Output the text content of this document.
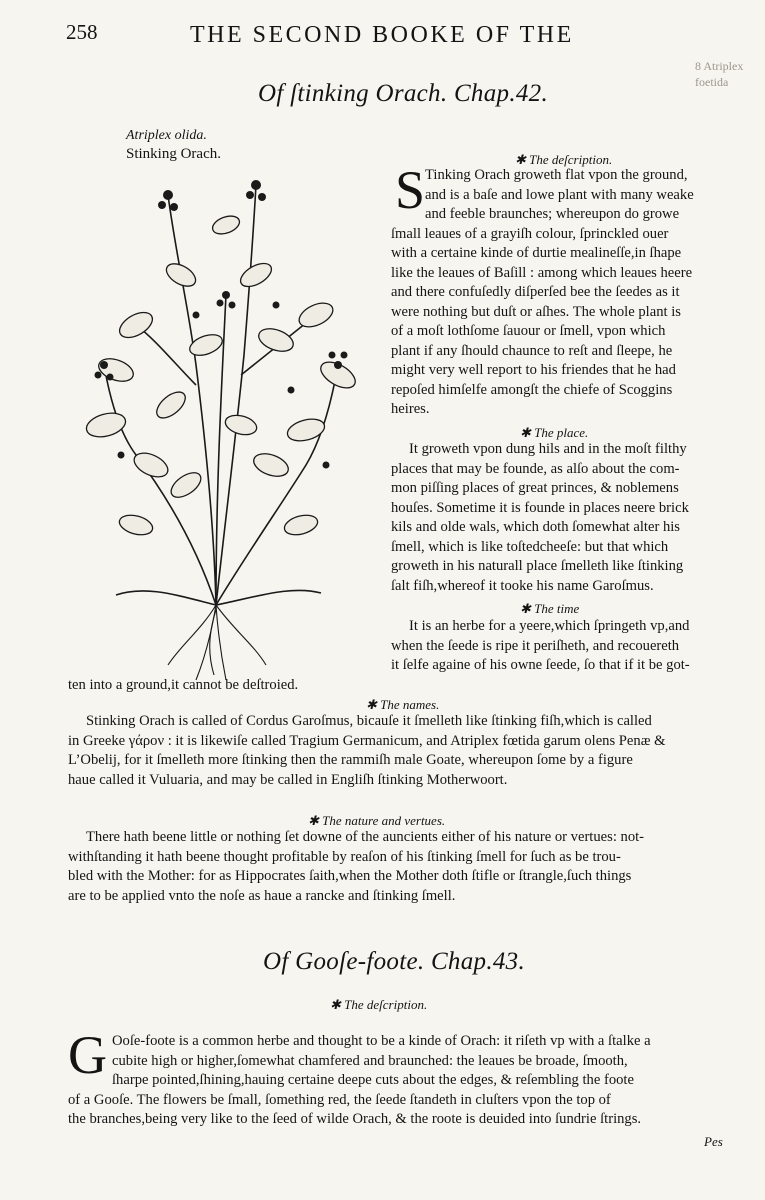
258	THE SECOND BOOKE OF THE
8 Atriplex foetida
Of ſtinking Orach. Chap.42.
Atriplex olida.
Stinking Orach.	✱ The deſcription.
S Tinking Orach groweth flat vpon the ground,
and is a baſe and lowe plant with many weake
and feeble braunches; whereupon do growe
ſmall leaues of a grayiſh colour, ſprinckled ouer
with a certaine kinde of durtie mealineſſe,in ſhape
like the leaues of Baſill : among which leaues heere
and there confuſedly diſperſed bee the ſeedes as it
were nothing but duſt or aſhes. The whole plant is
of a moſt lothſome ſauour or ſmell, vpon which
plant if any ſhould chaunce to reſt and ſleepe, he
might very well report to his friendes that he had
repoſed himſelfe amongſt the chiefe of Scoggins
heires.
✱ The place.
It groweth vpon dung hils and in the moſt filthy
places that may be founde, as alſo about the com-
mon piſſing places of great princes, & noblemens
houſes. Sometime it is founde in places neere brick
kils and olde wals, which doth ſomewhat alter his
ſmell, which is like toſtedcheeſe: but that which
groweth in his naturall place ſmelleth like ſtinking
ſalt fiſh,whereof it tooke his name Garoſmus.
✱ The time
It is an herbe for a yeere,which ſpringeth vp,and
when the ſeede is ripe it periſheth, and recouereth
it ſelfe againe of his owne ſeede, ſo that if it be got-
ten into a ground,it cannot be deſtroied.
✱ The names.
Stinking Orach is called of Cordus Garoſmus, bicauſe it ſmelleth like ſtinking fiſh,which is called
in Greeke γάρον : it is likewiſe called Tragium Germanicum, and Atriplex fœtida garum olens Penæ &
L’Obelij, for it ſmelleth more ſtinking then the rammiſh male Goate, whereupon ſome by a figure
haue called it Vuluaria, and may be called in Engliſh ſtinking Motherwoort.
✱ The nature and vertues.
There hath beene little or nothing ſet downe of the auncients either of his nature or vertues: not-
withſtanding it hath beene thought profitable by reaſon of his ſtinking ſmell for ſuch as be trou-
bled with the Mother: for as Hippocrates ſaith,when the Mother doth ſtifle or ſtrangle,ſuch things
are to be applied vnto the noſe as haue a rancke and ſtinking ſmell.
Of Gooſe-foote. Chap.43.
✱ The deſcription.
G Ooſe-foote is a common herbe and thought to be a kinde of Orach: it riſeth vp with a ſtalke a
cubite high or higher,ſomewhat chamfered and braunched: the leaues be broade, ſmooth,
ſharpe pointed,ſhining,hauing certaine deepe cuts about the edges, & reſembling the foote
of a Gooſe. The flowers be ſmall, ſomething red, the ſeede ſtandeth in cluſters vpon the top of
the branches,being very like to the ſeed of wilde Orach, & the roote is deuided into ſundrie ſtrings.
Pes
